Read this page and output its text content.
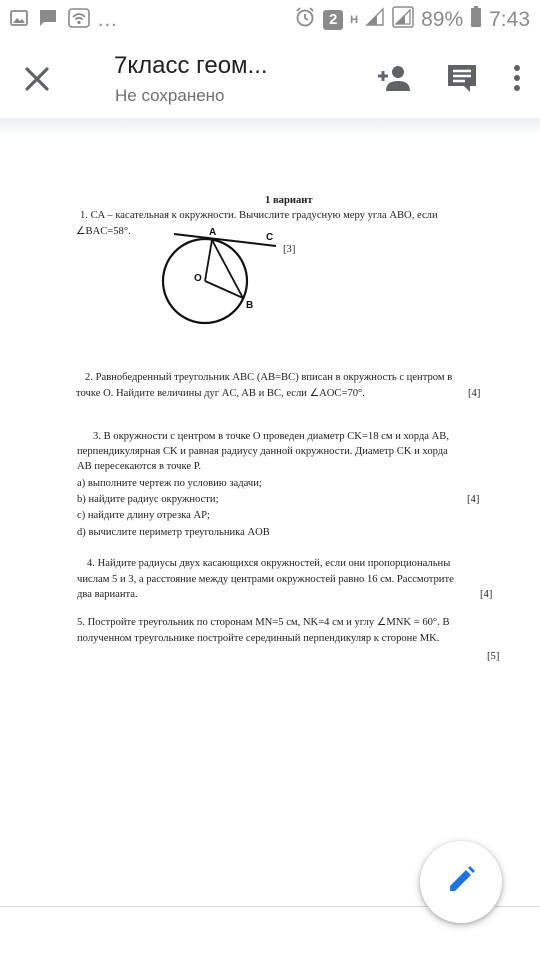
...	2	H	89% 7:43
7класс геом...
Не сохранено
1 вариант
1. CA – касательная к окружности. Вычислите градусную меру угла ABO, если
∠BAC=58°.
[3]
A	C
O
B
2. Равнобедренный треугольник ABC (AB=BC) вписан в окружность с центром в
точке O. Найдите величины дуг AC, AB и BC, если ∠AOC=70°.	[4]
3. В окружности с центром в точке O проведен диаметр CK=18 см и хорда AB,
перпендикулярная CK и равная радиусу данной окружности. Диаметр CK и хорда
AB пересекаются в точке P.
a) выполните чертеж по условию задачи;
b) найдите радиус окружности;	[4]
c) найдите длину отрезка AP;
d) вычислите периметр треугольника AOB
4. Найдите радиусы двух касающихся окружностей, если они пропорциональны
числам 5 и 3, а расстояние между центрами окружностей равно 16 см. Рассмотрите
два варианта.	[4]
5. Постройте треугольник по сторонам MN=5 см, NK=4 см и углу ∠MNK = 60°. В
полученном треугольнике постройте серединный перпендикуляр к стороне MK.
[5]
